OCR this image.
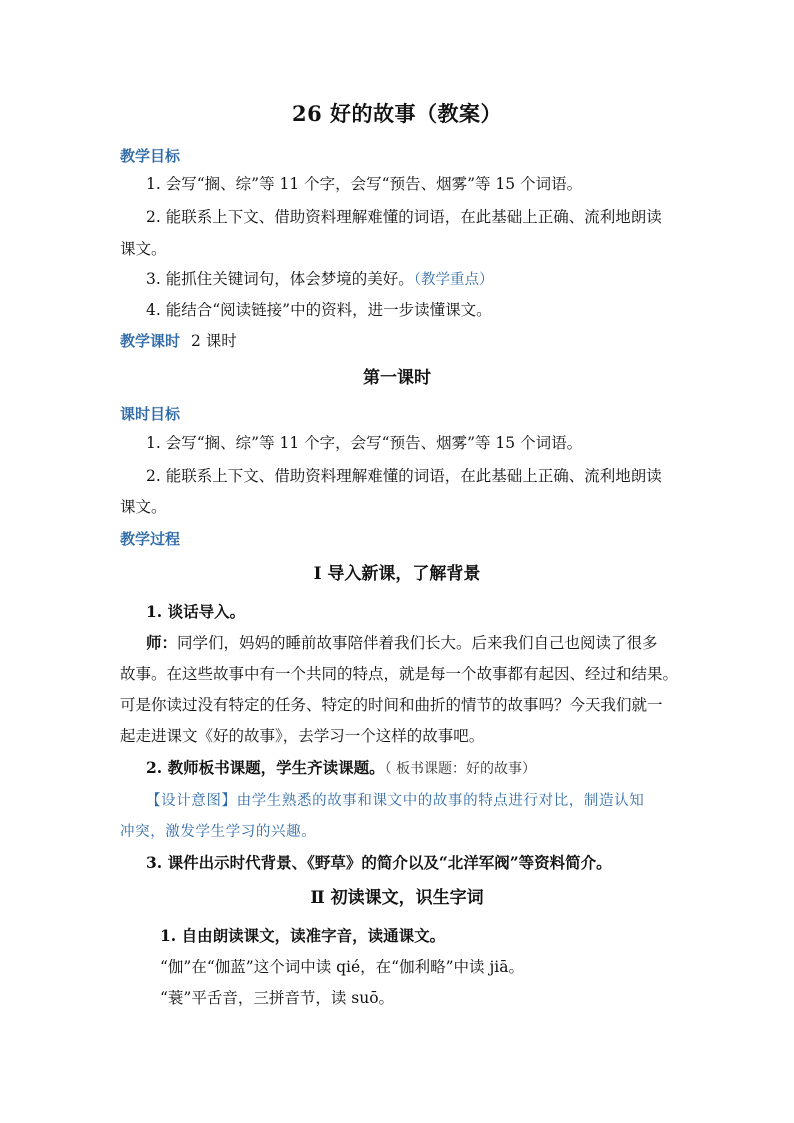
26 好的故事（教案）
教学目标
1. 会写“搁、综”等 11 个字，会写“预告、烟雾”等 15 个词语。
2. 能联系上下文、借助资料理解难懂的词语，在此基础上正确、流利地朗读
课文。
3. 能抓住关键词句，体会梦境的美好。（教学重点）
4. 能结合“阅读链接”中的资料，进一步读懂课文。
教学课时 2 课时
第一课时
课时目标
1. 会写“搁、综”等 11 个字，会写“预告、烟雾”等 15 个词语。
2. 能联系上下文、借助资料理解难懂的词语，在此基础上正确、流利地朗读
课文。
教学过程
Ⅰ 导入新课，了解背景
1. 谈话导入。
师：同学们，妈妈的睡前故事陪伴着我们长大。后来我们自己也阅读了很多
故事。在这些故事中有一个共同的特点，就是每一个故事都有起因、经过和结果。
可是你读过没有特定的任务、特定的时间和曲折的情节的故事吗？今天我们就一
起走进课文《好的故事》，去学习一个这样的故事吧。
2. 教师板书课题，学生齐读课题。（ 板书课题：好的故事）
【设计意图】由学生熟悉的故事和课文中的故事的特点进行对比，制造认知
冲突，激发学生学习的兴趣。
3. 课件出示时代背景、《野草》的简介以及“北洋军阀”等资料简介。
Ⅱ 初读课文，识生字词
1. 自由朗读课文，读准字音，读通课文。
“伽”在“伽蓝”这个词中读 qié，在“伽利略”中读 jiā。
“蓑”平舌音，三拼音节，读 suō。
